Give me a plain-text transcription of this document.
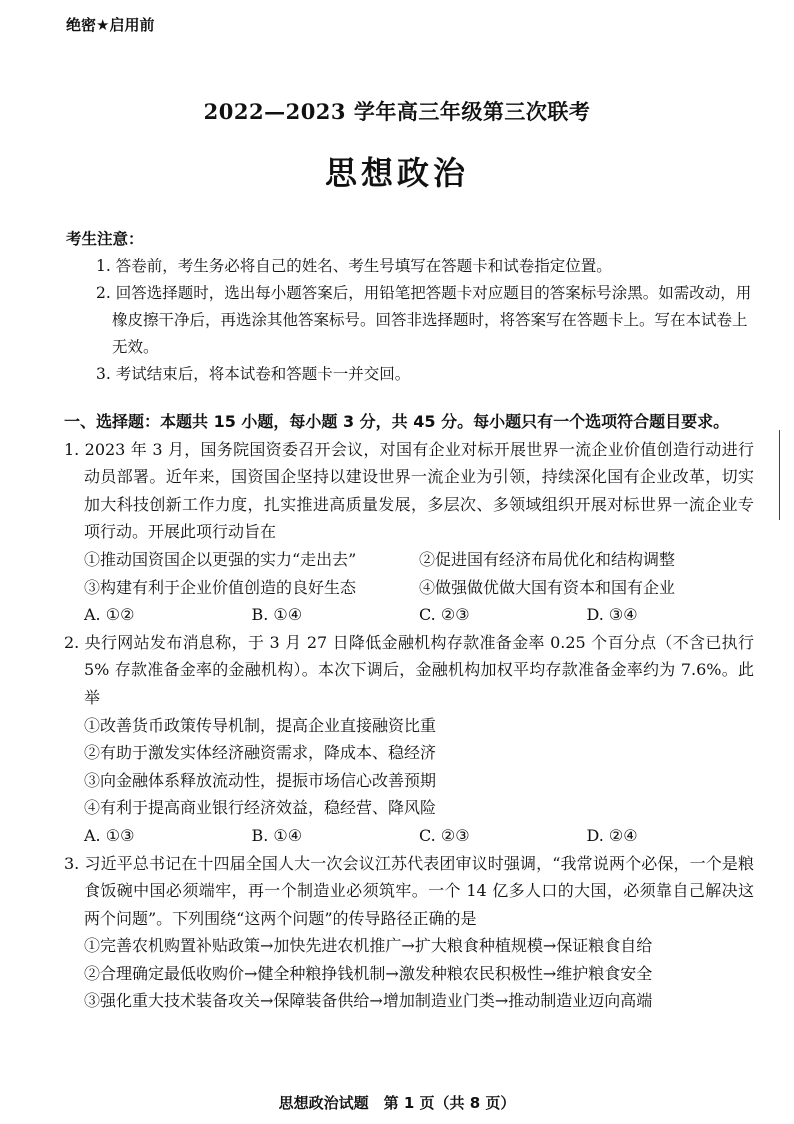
绝密★启用前
2022—2023 学年高三年级第三次联考
思想政治
考生注意：
1. 答卷前，考生务必将自己的姓名、考生号填写在答题卡和试卷指定位置。
2. 回答选择题时，选出每小题答案后，用铅笔把答题卡对应题目的答案标号涂黑。如需改动，用橡皮擦干净后，再选涂其他答案标号。回答非选择题时，将答案写在答题卡上。写在本试卷上无效。
3. 考试结束后，将本试卷和答题卡一并交回。
一、选择题：本题共 15 小题，每小题 3 分，共 45 分。每小题只有一个选项符合题目要求。
1. 2023 年 3 月，国务院国资委召开会议，对国有企业对标开展世界一流企业价值创造行动进行动员部署。近年来，国资国企坚持以建设世界一流企业为引领，持续深化国有企业改革，切实加大科技创新工作力度，扎实推进高质量发展，多层次、多领域组织开展对标世界一流企业专项行动。开展此项行动旨在
①推动国资国企以更强的实力“走出去”	②促进国有经济布局优化和结构调整
③构建有利于企业价值创造的良好生态	④做强做优做大国有资本和国有企业
A. ①②	B. ①④	C. ②③	D. ③④
2. 央行网站发布消息称，于 3 月 27 日降低金融机构存款准备金率 0.25 个百分点（不含已执行 5% 存款准备金率的金融机构）。本次下调后，金融机构加权平均存款准备金率约为 7.6%。此举
①改善货币政策传导机制，提高企业直接融资比重
②有助于激发实体经济融资需求，降成本、稳经济
③向金融体系释放流动性，提振市场信心改善预期
④有利于提高商业银行经济效益，稳经营、降风险
A. ①③	B. ①④	C. ②③	D. ②④
3. 习近平总书记在十四届全国人大一次会议江苏代表团审议时强调，“我常说两个必保，一个是粮食饭碗中国必须端牢，再一个制造业必须筑牢。一个 14 亿多人口的大国，必须靠自己解决这两个问题”。下列围绕“这两个问题”的传导路径正确的是
①完善农机购置补贴政策→加快先进农机推广→扩大粮食种植规模→保证粮食自给
②合理确定最低收购价→健全种粮挣钱机制→激发种粮农民积极性→维护粮食安全
③强化重大技术装备攻关→保障装备供给→增加制造业门类→推动制造业迈向高端
思想政治试题　第 1 页（共 8 页）
